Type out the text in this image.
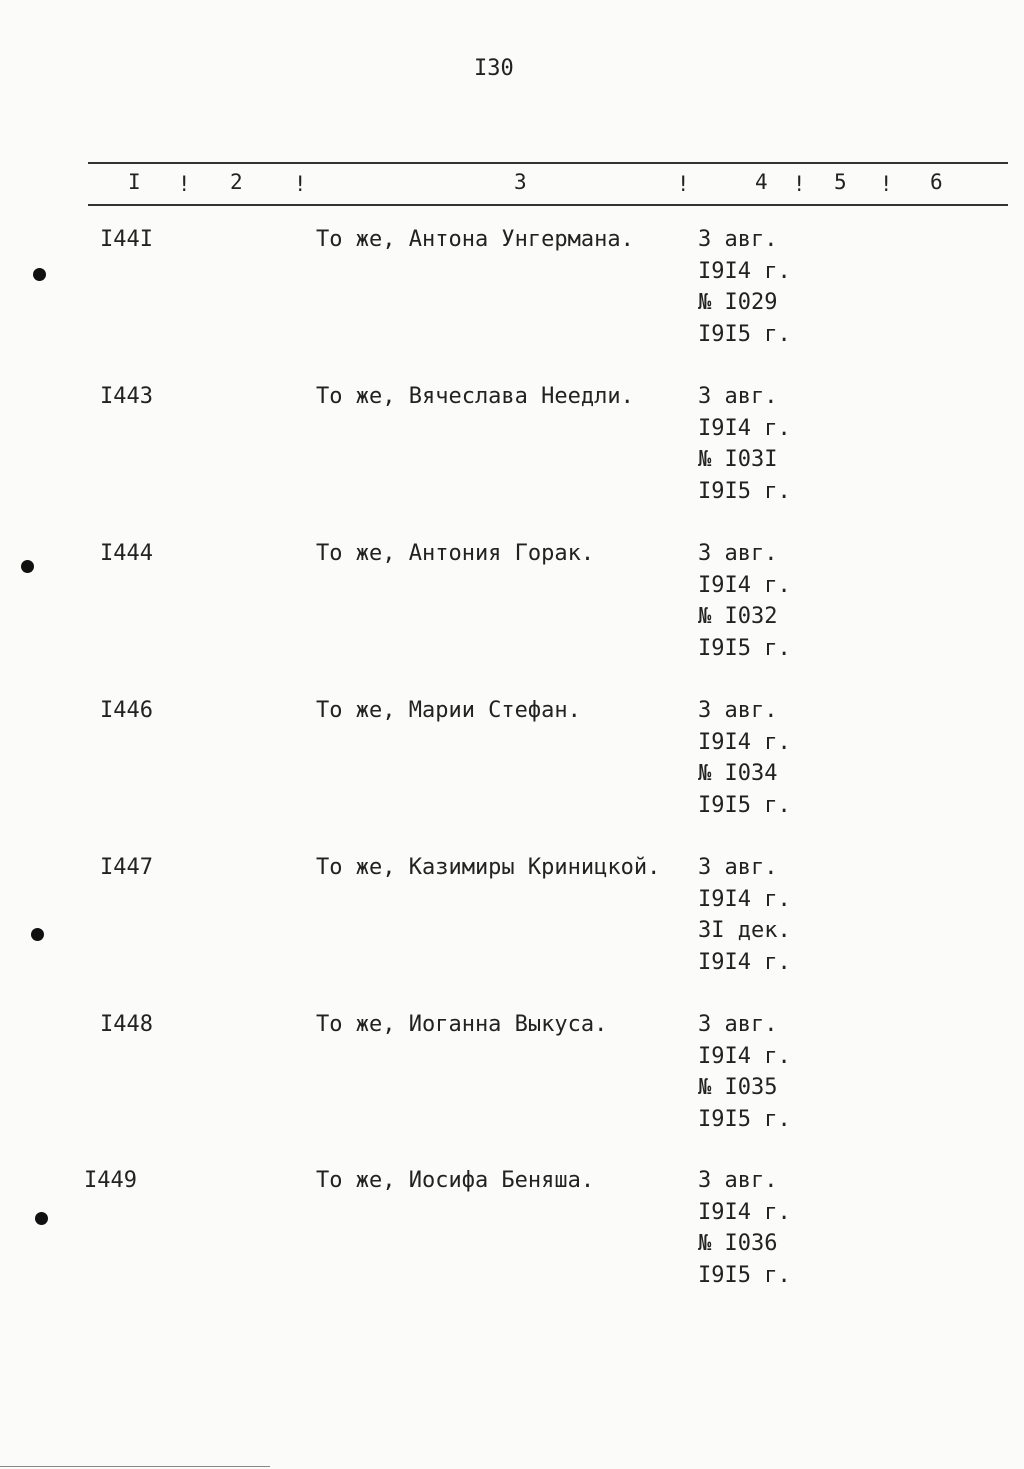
I30
I ! 2	!	3	!	4 ! 5 ! 6
I44I	То же, Антона Унгермана.	3 авг.
I9I4 г.
№ I029
I9I5 г.
I443	То же, Вячеслава Неедли.	3 авг.
I9I4 г.
№ I03I
I9I5 г.
I444	То же, Антония Горак.	3 авг.
I9I4 г.
№ I032
I9I5 г.
I446	То же, Марии Стефан.	3 авг.
I9I4 г.
№ I034
I9I5 г.
I447	То же, Казимиры Криницкой. 3 авг.
I9I4 г.
3I дек.
I9I4 г.
I448	То же, Иоганна Выкуса.	3 авг.
I9I4 г.
№ I035
I9I5 г.
I449	То же, Иосифа Беняша.	3 авг.
I9I4 г.
№ I036
I9I5 г.
